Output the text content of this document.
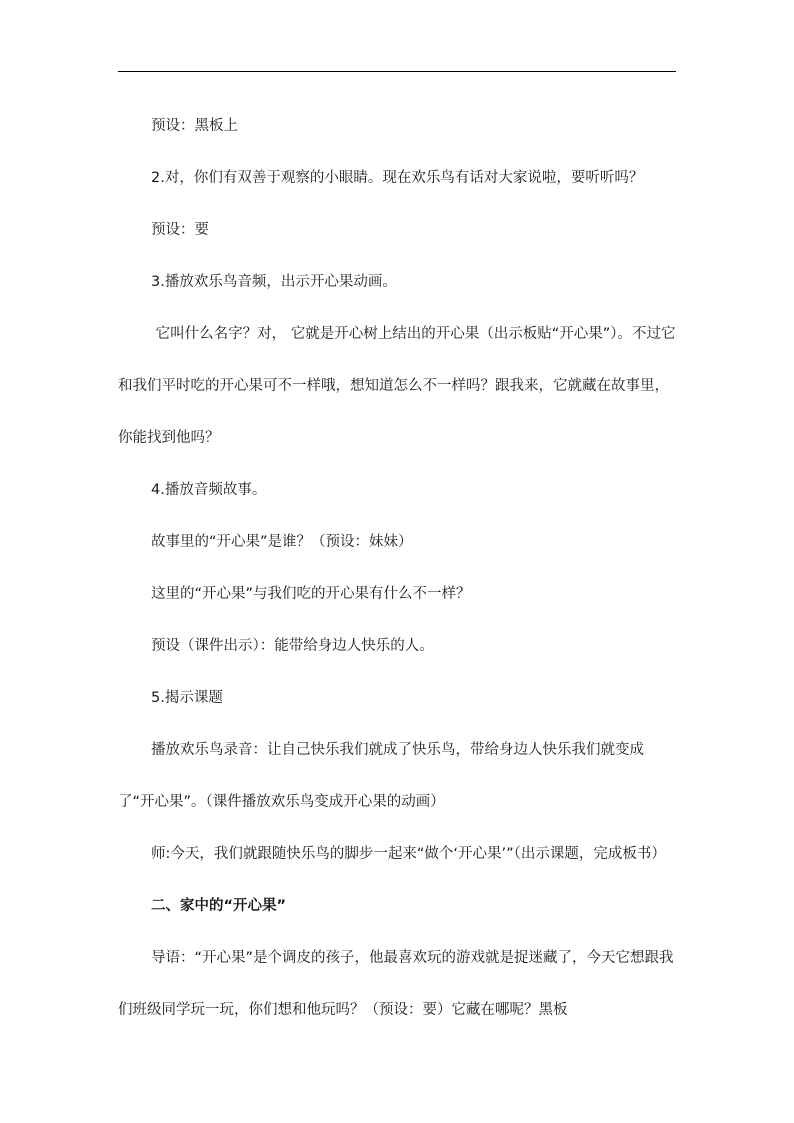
预设：黑板上

2.对，你们有双善于观察的小眼睛。现在欢乐鸟有话对大家说啦，要听听吗？

预设：要

3.播放欢乐鸟音频，出示开心果动画。

它叫什么名字？对， 它就是开心树上结出的开心果（出示板贴“开心果”）。不过它和我们平时吃的开心果可不一样哦，想知道怎么不一样吗？跟我来，它就藏在故事里，你能找到他吗？

4.播放音频故事。

故事里的“开心果”是谁？（预设：妹妹）

这里的“开心果”与我们吃的开心果有什么不一样？

预设（课件出示）：能带给身边人快乐的人。

5.揭示课题

播放欢乐鸟录音：让自己快乐我们就成了快乐鸟，带给身边人快乐我们就变成了“开心果”。（课件播放欢乐鸟变成开心果的动画）

师:今天，我们就跟随快乐鸟的脚步一起来“做个‘开心果’”（出示课题，完成板书）

二、家中的“开心果”

导语：“开心果”是个调皮的孩子，他最喜欢玩的游戏就是捉迷藏了，今天它想跟我们班级同学玩一玩，你们想和他玩吗？（预设：要）它藏在哪呢？黑板
